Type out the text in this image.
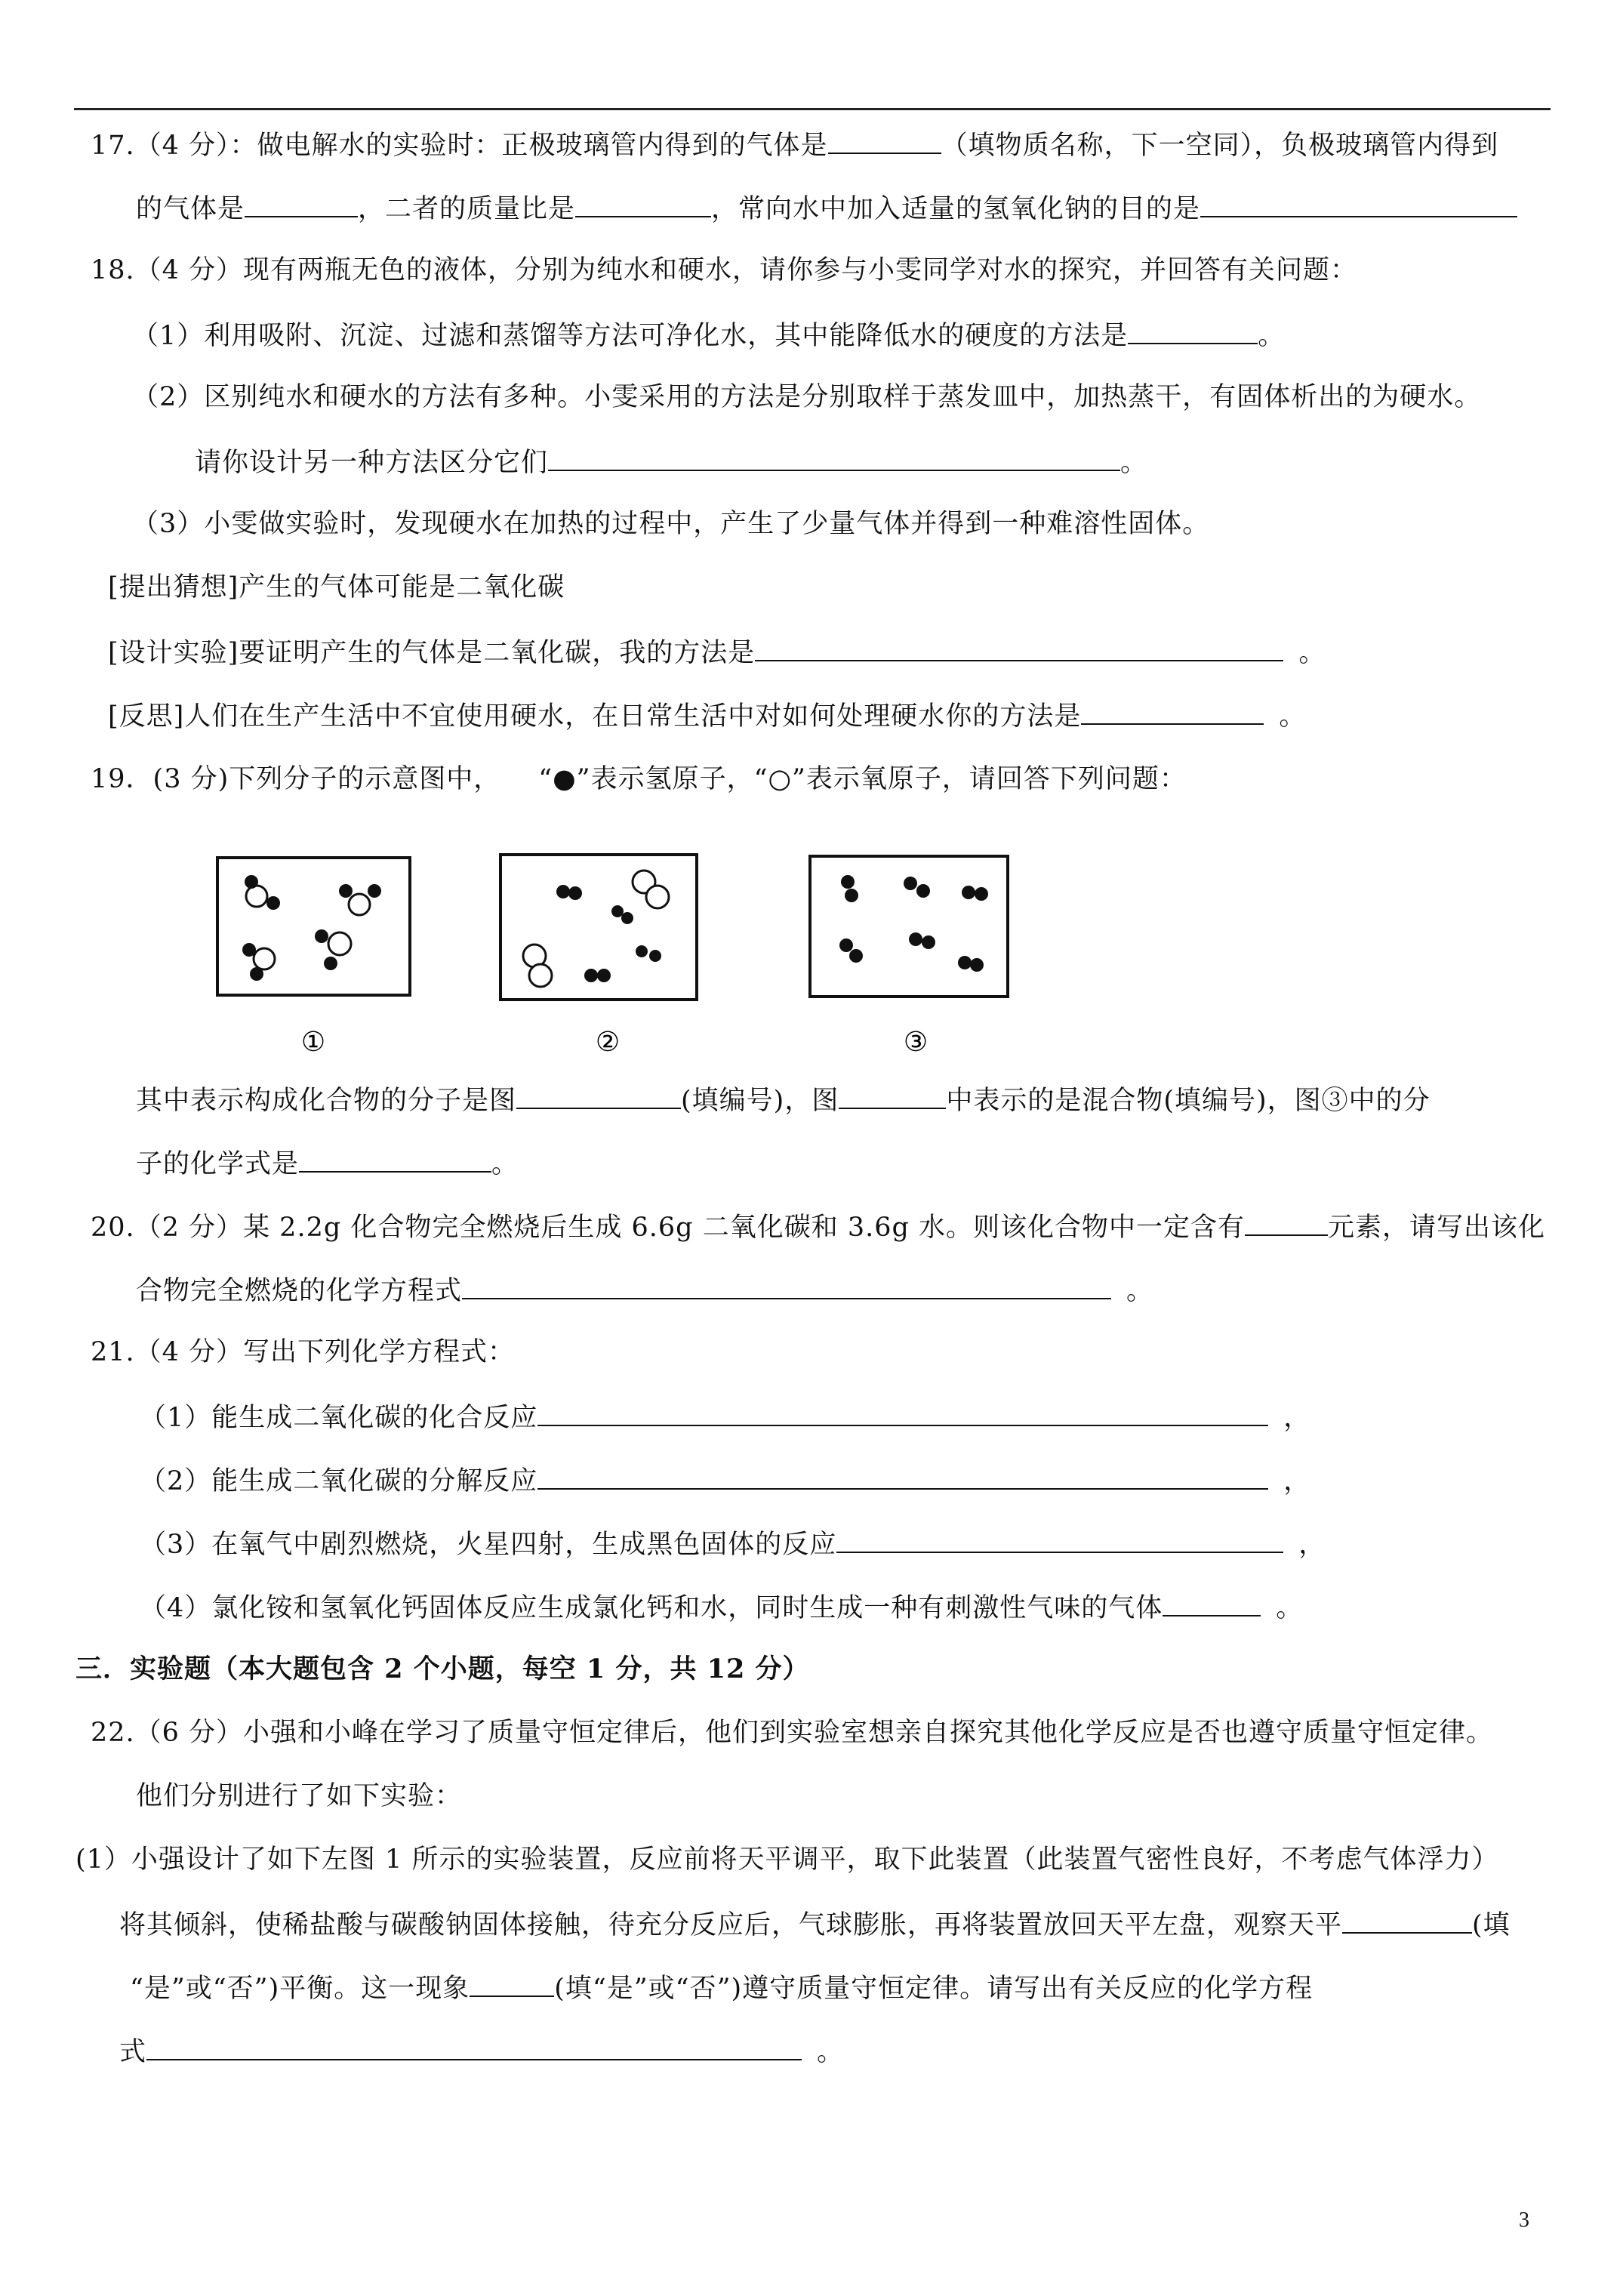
17.（4 分）：做电解水的实验时：正极玻璃管内得到的气体是	（填物质名称，下一空同），负极玻璃管内得到
的气体是	，二者的质量比是	，常向水中加入适量的氢氧化钠的目的是
18.（4 分）现有两瓶无色的液体，分别为纯水和硬水，请你参与小雯同学对水的探究，并回答有关问题：
（1）利用吸附、沉淀、过滤和蒸馏等方法可净化水，其中能降低水的硬度的方法是	。
（2）区别纯水和硬水的方法有多种。小雯采用的方法是分别取样于蒸发皿中，加热蒸干，有固体析出的为硬水。
请你设计另一种方法区分它们	。
（3）小雯做实验时，发现硬水在加热的过程中，产生了少量气体并得到一种难溶性固体。
[提出猜想]产生的气体可能是二氧化碳
[设计实验]要证明产生的气体是二氧化碳，我的方法是	。
[反思]人们在生产生活中不宜使用硬水，在日常生活中对如何处理硬水你的方法是	。
19．(3 分)下列分子的示意图中， “●”表示氢原子，“○”表示氧原子，请回答下列问题：
①	②	③
其中表示构成化合物的分子是图	(填编号)，图	中表示的是混合物(填编号)，图③中的分
子的化学式是	。
20.（2 分）某 2.2g 化合物完全燃烧后生成 6.6g 二氧化碳和 3.6g 水。则该化合物中一定含有	元素，请写出该化
合物完全燃烧的化学方程式	。
21.（4 分）写出下列化学方程式：
（1）能生成二氧化碳的化合反应	，
（2）能生成二氧化碳的分解反应	，
（3）在氧气中剧烈燃烧，火星四射，生成黑色固体的反应	，
（4）氯化铵和氢氧化钙固体反应生成氯化钙和水，同时生成一种有刺激性气味的气体	。
三．实验题（本大题包含 2 个小题，每空 1 分，共 12 分）
22.（6 分）小强和小峰在学习了质量守恒定律后，他们到实验室想亲自探究其他化学反应是否也遵守质量守恒定律。
他们分别进行了如下实验：
(1）小强设计了如下左图 1 所示的实验装置，反应前将天平调平，取下此装置（此装置气密性良好，不考虑气体浮力）
将其倾斜，使稀盐酸与碳酸钠固体接触，待充分反应后，气球膨胀，再将装置放回天平左盘，观察天平	(填
“是”或“否”)平衡。这一现象	(填“是”或“否”)遵守质量守恒定律。请写出有关反应的化学方程
式	。
3
